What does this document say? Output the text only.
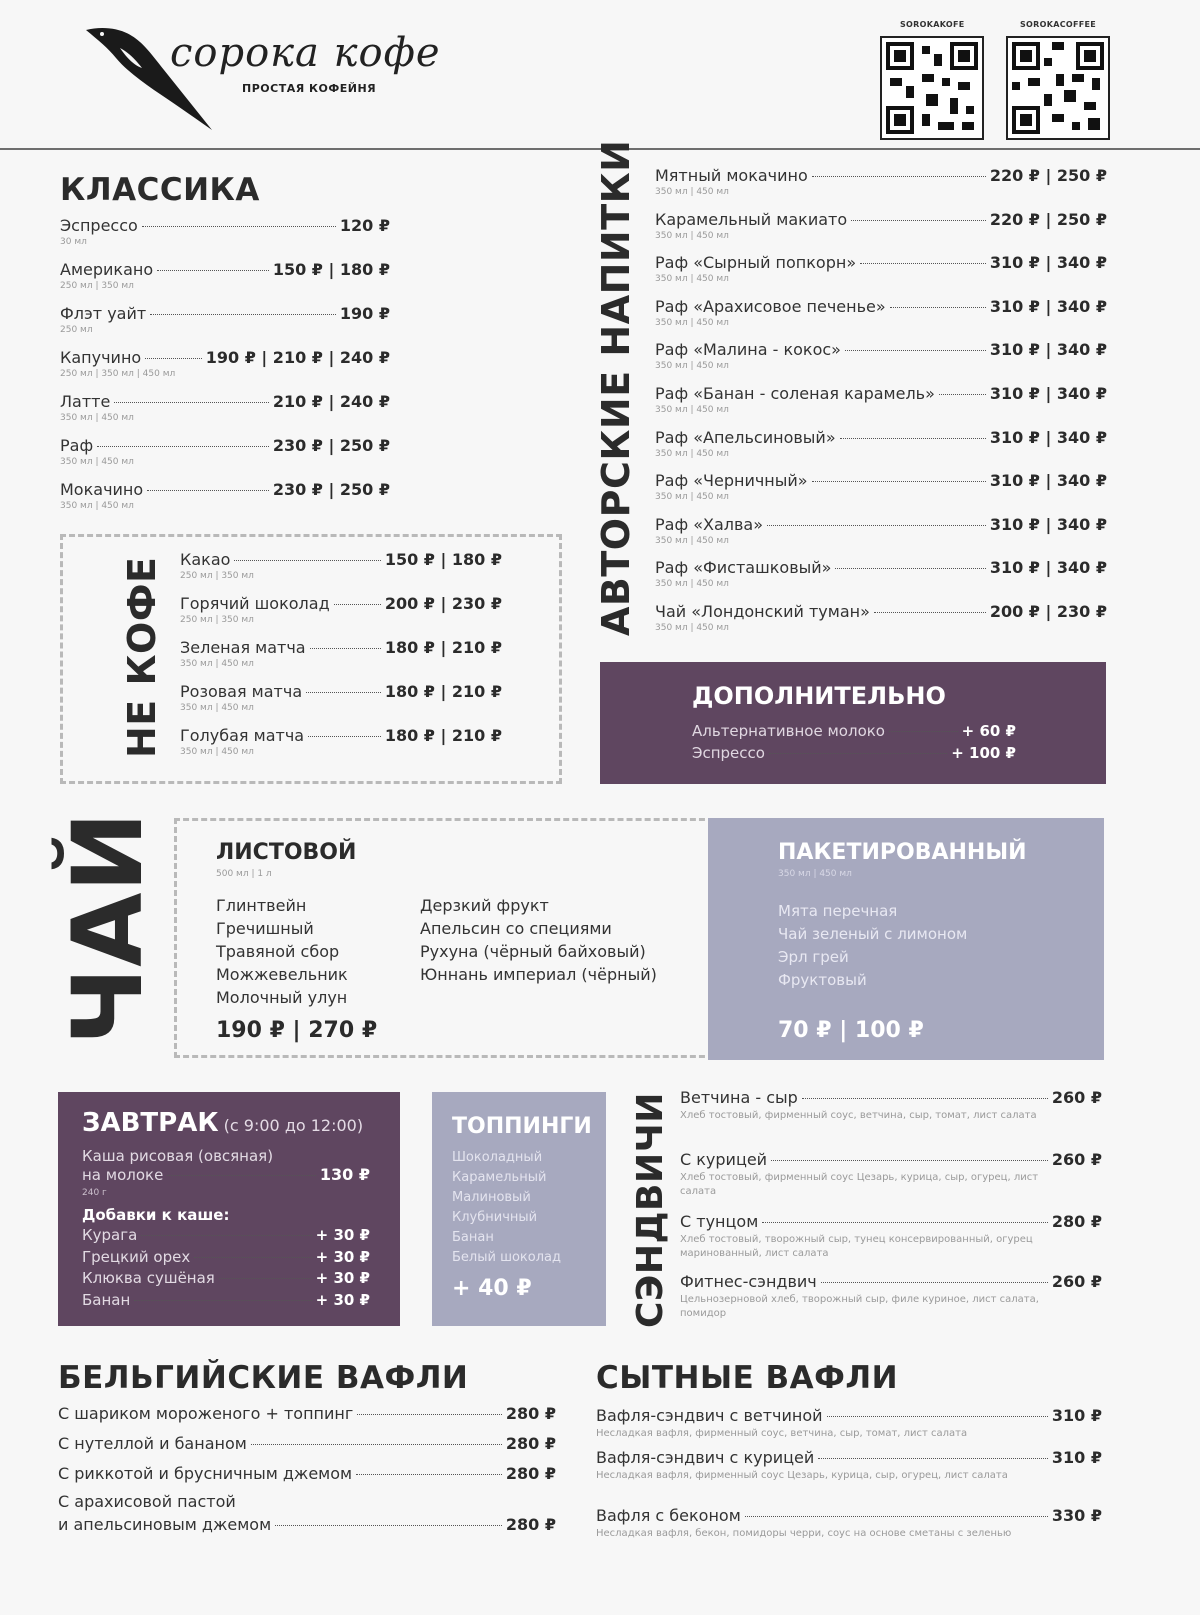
сорока кофе
ПРОСТАЯ КОФЕЙНЯ
SOROKAKOFE	SOROKACOFFEE
КЛАССИКА
Эспрессо	120 ₽
30 мл
Американо	150 ₽ | 180 ₽
250 мл | 350 мл
Флэт уайт	190 ₽
250 мл
Капучино	190 ₽ | 210 ₽ | 240 ₽
250 мл | 350 мл | 450 мл
Латте	210 ₽ | 240 ₽
350 мл | 450 мл
Раф	230 ₽ | 250 ₽
350 мл | 450 мл
Мокачино	230 ₽ | 250 ₽
350 мл | 450 мл
НЕ КОФЕ Какао	150 ₽ | 180 ₽
250 мл | 350 мл
Горячий шоколад	200 ₽ | 230 ₽
250 мл | 350 мл
Зеленая матча	180 ₽ | 210 ₽
350 мл | 450 мл
Розовая матча	180 ₽ | 210 ₽
350 мл | 450 мл
Голубая матча	180 ₽ | 210 ₽
350 мл | 450 мл
АВТОРСКИЕ НАПИТКИ Мятный мокачино	220 ₽ | 250 ₽
350 мл | 450 мл
Карамельный макиато	220 ₽ | 250 ₽
350 мл | 450 мл
Раф «Сырный попкорн»	310 ₽ | 340 ₽
350 мл | 450 мл
Раф «Арахисовое печенье»	310 ₽ | 340 ₽
350 мл | 450 мл
Раф «Малина - кокос»	310 ₽ | 340 ₽
350 мл | 450 мл
Раф «Банан - соленая карамель»	310 ₽ | 340 ₽
350 мл | 450 мл
Раф «Апельсиновый»	310 ₽ | 340 ₽
350 мл | 450 мл
Раф «Черничный»	310 ₽ | 340 ₽
350 мл | 450 мл
Раф «Халва»	310 ₽ | 340 ₽
350 мл | 450 мл
Раф «Фисташковый»	310 ₽ | 340 ₽
350 мл | 450 мл
Чай «Лондонский туман»	200 ₽ | 230 ₽
350 мл | 450 мл
ДОПОЛНИТЕЛЬНО
Альтернативное молоко	+ 60 ₽
Эспрессо	+ 100 ₽
ЧАЙ ЛИСТОВОЙ
500 мл | 1 л
Глинтвейн
Гречишный
Травяной сбор
Можжевельник
Молочный улун
Дерзкий фрукт
Апельсин со специями
Рухуна (чёрный байховый)
Юннань империал (чёрный)
190 ₽ | 270 ₽
ПАКЕТИРОВАННЫЙ
350 мл | 450 мл
Мята перечная
Чай зеленый с лимоном
Эрл грей
Фруктовый
70 ₽ | 100 ₽
ЗАВТРАК (с 9:00 до 12:00)
Каша рисовая (овсяная)
на молоке	130 ₽
240 г
Добавки к каше:
Курага	+ 30 ₽
Грецкий орех	+ 30 ₽
Клюква сушёная	+ 30 ₽
Банан	+ 30 ₽
ТОППИНГИ
Шоколадный
Карамельный
Малиновый
Клубничный
Банан
Белый шоколад
+ 40 ₽	СЭНДВИЧИ Ветчина - сыр	260 ₽
Хлеб тостовый, фирменный соус, ветчина, сыр, томат, лист салата
С курицей	260 ₽
Хлеб тостовый, фирменный соус Цезарь, курица, сыр, огурец, лист салата
С тунцом	280 ₽
Хлеб тостовый, творожный сыр, тунец консервированный, огурец маринованный, лист салата
Фитнес-сэндвич	260 ₽
Цельнозерновой хлеб, творожный сыр, филе куриное, лист салата, помидор
БЕЛЬГИЙСКИЕ ВАФЛИ
С шариком мороженого + топпинг	280 ₽
С нутеллой и бананом	280 ₽
С риккотой и брусничным джемом	280 ₽
С арахисовой пастой
и апельсиновым джемом	280 ₽
СЫТНЫЕ ВАФЛИ
Вафля-сэндвич с ветчиной	310 ₽
Несладкая вафля, фирменный соус, ветчина, сыр, томат, лист салата
Вафля-сэндвич с курицей	310 ₽
Несладкая вафля, фирменный соус Цезарь, курица, сыр, огурец, лист салата
Вафля с беконом	330 ₽
Несладкая вафля, бекон, помидоры черри, соус на основе сметаны с зеленью
